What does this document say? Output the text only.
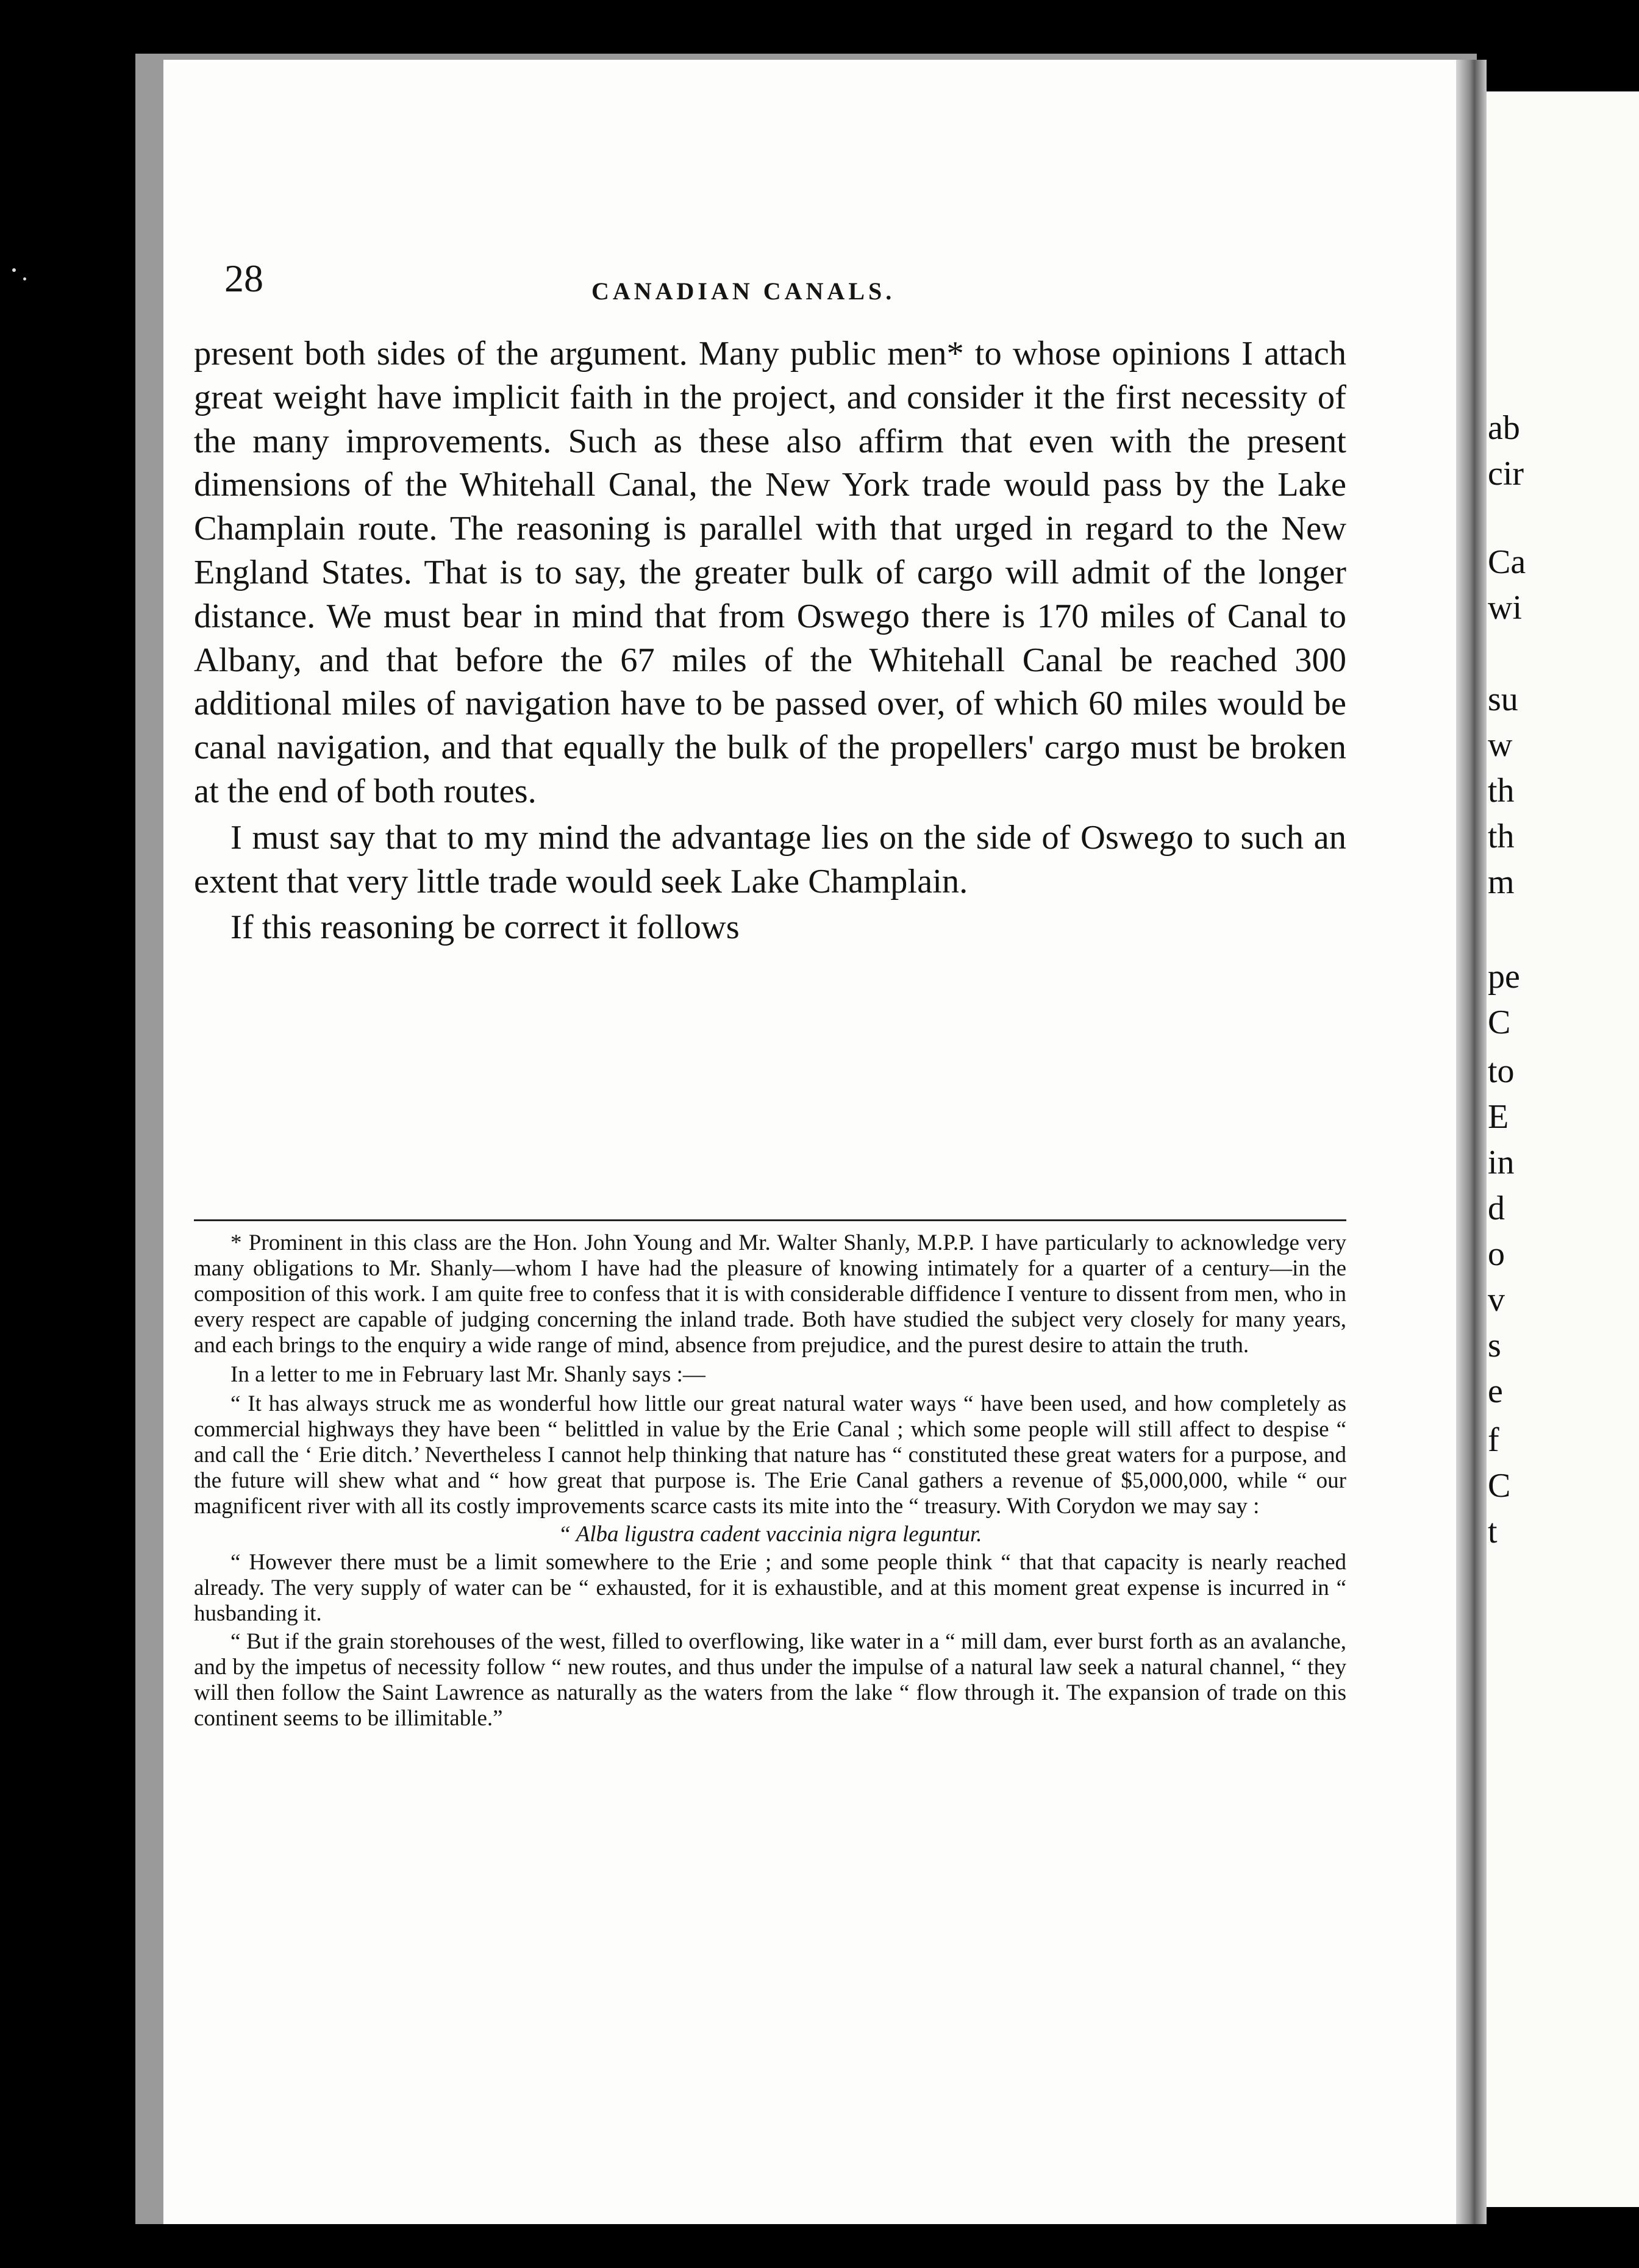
ab
cir
Ca
wi
su
w
th
th
m
pe
C
to
E
in
d
o
v
s
e
f
C
t
28	CANADIAN CANALS.

present both sides of the argument. Many public men* to whose opinions I attach great weight have implicit faith in the project, and consider it the first necessity of the many improvements. Such as these also affirm that even with the present dimensions of the Whitehall Canal, the New York trade would pass by the Lake Champlain route. The reasoning is parallel with that urged in regard to the New England States. That is to say, the greater bulk of cargo will admit of the longer distance. We must bear in mind that from Oswego there is 170 miles of Canal to Albany, and that before the 67 miles of the Whitehall Canal be reached 300 additional miles of navigation have to be passed over, of which 60 miles would be canal navigation, and that equally the bulk of the propellers' cargo must be broken at the end of both routes.

I must say that to my mind the advantage lies on the side of Oswego to such an extent that very little trade would seek Lake Champlain.

If this reasoning be correct it follows

* Prominent in this class are the Hon. John Young and Mr. Walter Shanly, M.P.P. I have particularly to acknowledge very many obligations to Mr. Shanly—whom I have had the pleasure of knowing intimately for a quarter of a century—in the composition of this work. I am quite free to confess that it is with considerable diffidence I venture to dissent from men, who in every respect are capable of judging concerning the inland trade. Both have studied the subject very closely for many years, and each brings to the enquiry a wide range of mind, absence from prejudice, and the purest desire to attain the truth.

In a letter to me in February last Mr. Shanly says :—

“ It has always struck me as wonderful how little our great natural water ways “ have been used, and how completely as commercial highways they have been “ belittled in value by the Erie Canal ; which some people will still affect to despise “ and call the ‘ Erie ditch.’ Nevertheless I cannot help thinking that nature has “ constituted these great waters for a purpose, and the future will shew what and “ how great that purpose is. The Erie Canal gathers a revenue of $5,000,000, while “ our magnificent river with all its costly improvements scarce casts its mite into the “ treasury. With Corydon we may say :

“ Alba ligustra cadent vaccinia nigra leguntur.

“ However there must be a limit somewhere to the Erie ; and some people think “ that that capacity is nearly reached already. The very supply of water can be “ exhausted, for it is exhaustible, and at this moment great expense is incurred in “ husbanding it.

“ But if the grain storehouses of the west, filled to overflowing, like water in a “ mill dam, ever burst forth as an avalanche, and by the impetus of necessity follow “ new routes, and thus under the impulse of a natural law seek a natural channel, “ they will then follow the Saint Lawrence as naturally as the waters from the lake “ flow through it. The expansion of trade on this continent seems to be illimitable.”
